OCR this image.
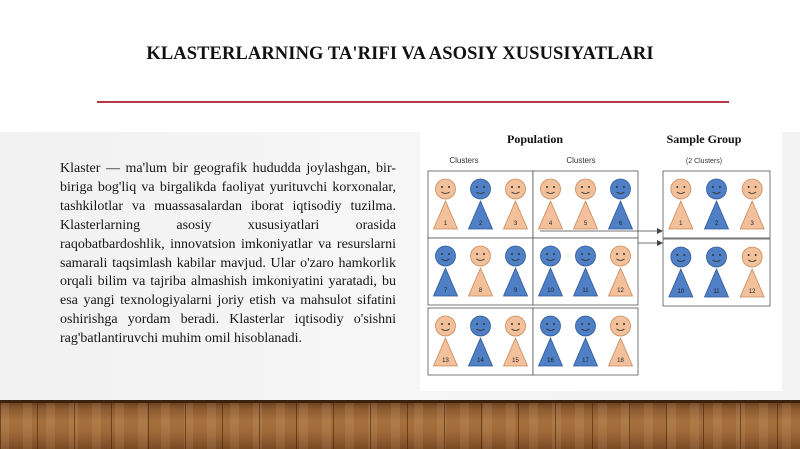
KLASTERLARNING TA'RIFI VA ASOSIY XUSUSIYATLARI

Klaster — ma'lum bir geografik hududda joylashgan, bir-biriga bog'liq va birgalikda faoliyat yurituvchi korxonalar, tashkilotlar va muassasalardan iborat iqtisodiy tuzilma. Klasterlarning asosiy xususiyatlari orasida raqobatbardoshlik, innovatsion imkoniyatlar va resurslarni samarali taqsimlash kabilar mavjud. Ular o'zaro hamkorlik orqali bilim va tajriba almashish imkoniyatini yaratadi, bu esa yangi texnologiyalarni joriy etish va mahsulot sifatini oshirishga yordam beradi. Klasterlar iqtisodiy o'sishni rag'batlantiruvchi muhim omil hisoblanadi.

Population	Sample Group
Clusters	Clusters	(2 Clusters)
1	2	3	4	5	6
7	8	9	10	11	12
13	14	15	16	17	18
1	2	3
10	11	12
